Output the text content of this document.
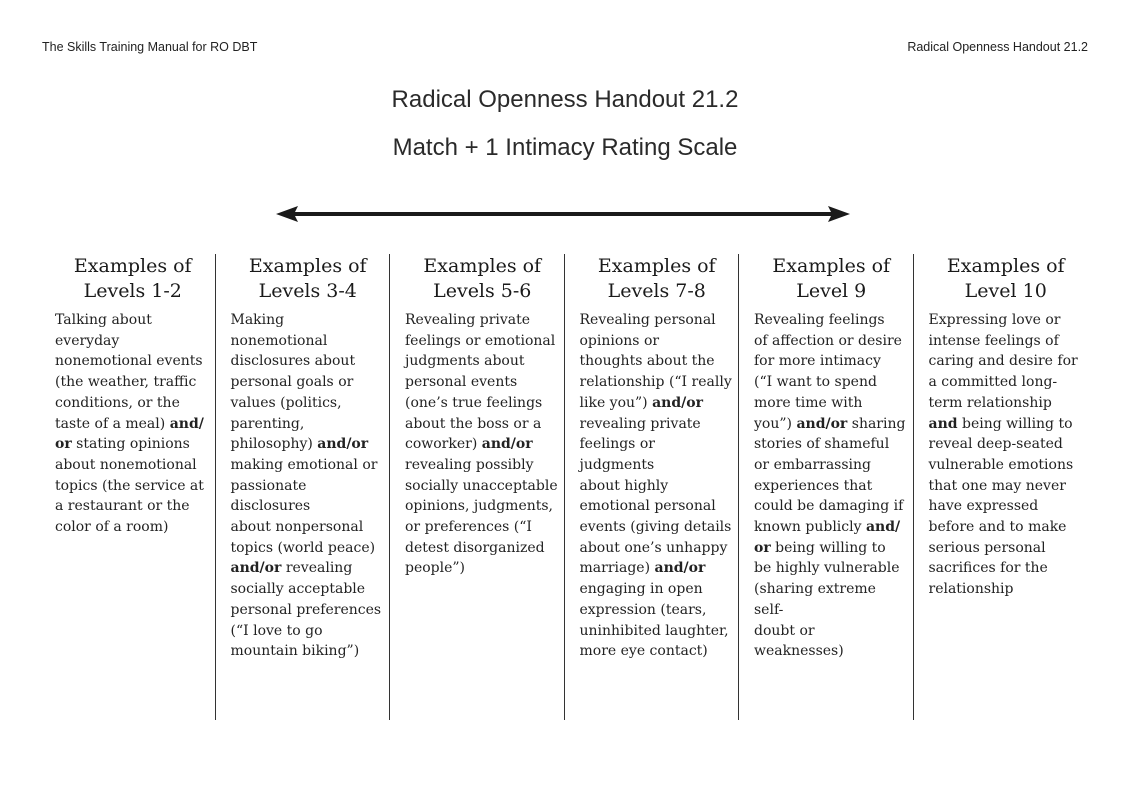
The Skills Training Manual for RO DBT	Radical Openness Handout 21.2
Radical Openness Handout 21.2
Match + 1 Intimacy Rating Scale
Examples of
Levels 1-2
Talking about
everyday
nonemotional events
(the weather, traffic
conditions, or the
taste of a meal) and/
or stating opinions
about nonemotional
topics (the service at
a restaurant or the
color of a room)
Examples of
Levels 3-4
Making
nonemotional
disclosures about
personal goals or
values (politics,
parenting,
philosophy) and/or
making emotional or
passionate disclosures
about nonpersonal
topics (world peace)
and/or revealing
socially acceptable
personal preferences
(“I love to go
mountain biking”)
Examples of
Levels 5-6
Revealing private
feelings or emotional
judgments about
personal events
(one’s true feelings
about the boss or a
coworker) and/or
revealing possibly
socially unacceptable
opinions, judgments,
or preferences (“I
detest disorganized
people”)
Examples of
Levels 7-8
Revealing personal
opinions or
thoughts about the
relationship (“I really
like you”) and/or
revealing private
feelings or judgments
about highly
emotional personal
events (giving details
about one’s unhappy
marriage) and/or
engaging in open
expression (tears,
uninhibited laughter,
more eye contact)
Examples of
Level 9
Revealing feelings
of affection or desire
for more intimacy
(“I want to spend
more time with
you”) and/or sharing
stories of shameful
or embarrassing
experiences that
could be damaging if
known publicly and/
or being willing to
be highly vulnerable
(sharing extreme self-
doubt or weaknesses)
Examples of
Level 10
Expressing love or
intense feelings of
caring and desire for
a committed long-
term relationship
and being willing to
reveal deep-seated
vulnerable emotions
that one may never
have expressed
before and to make
serious personal
sacrifices for the
relationship
